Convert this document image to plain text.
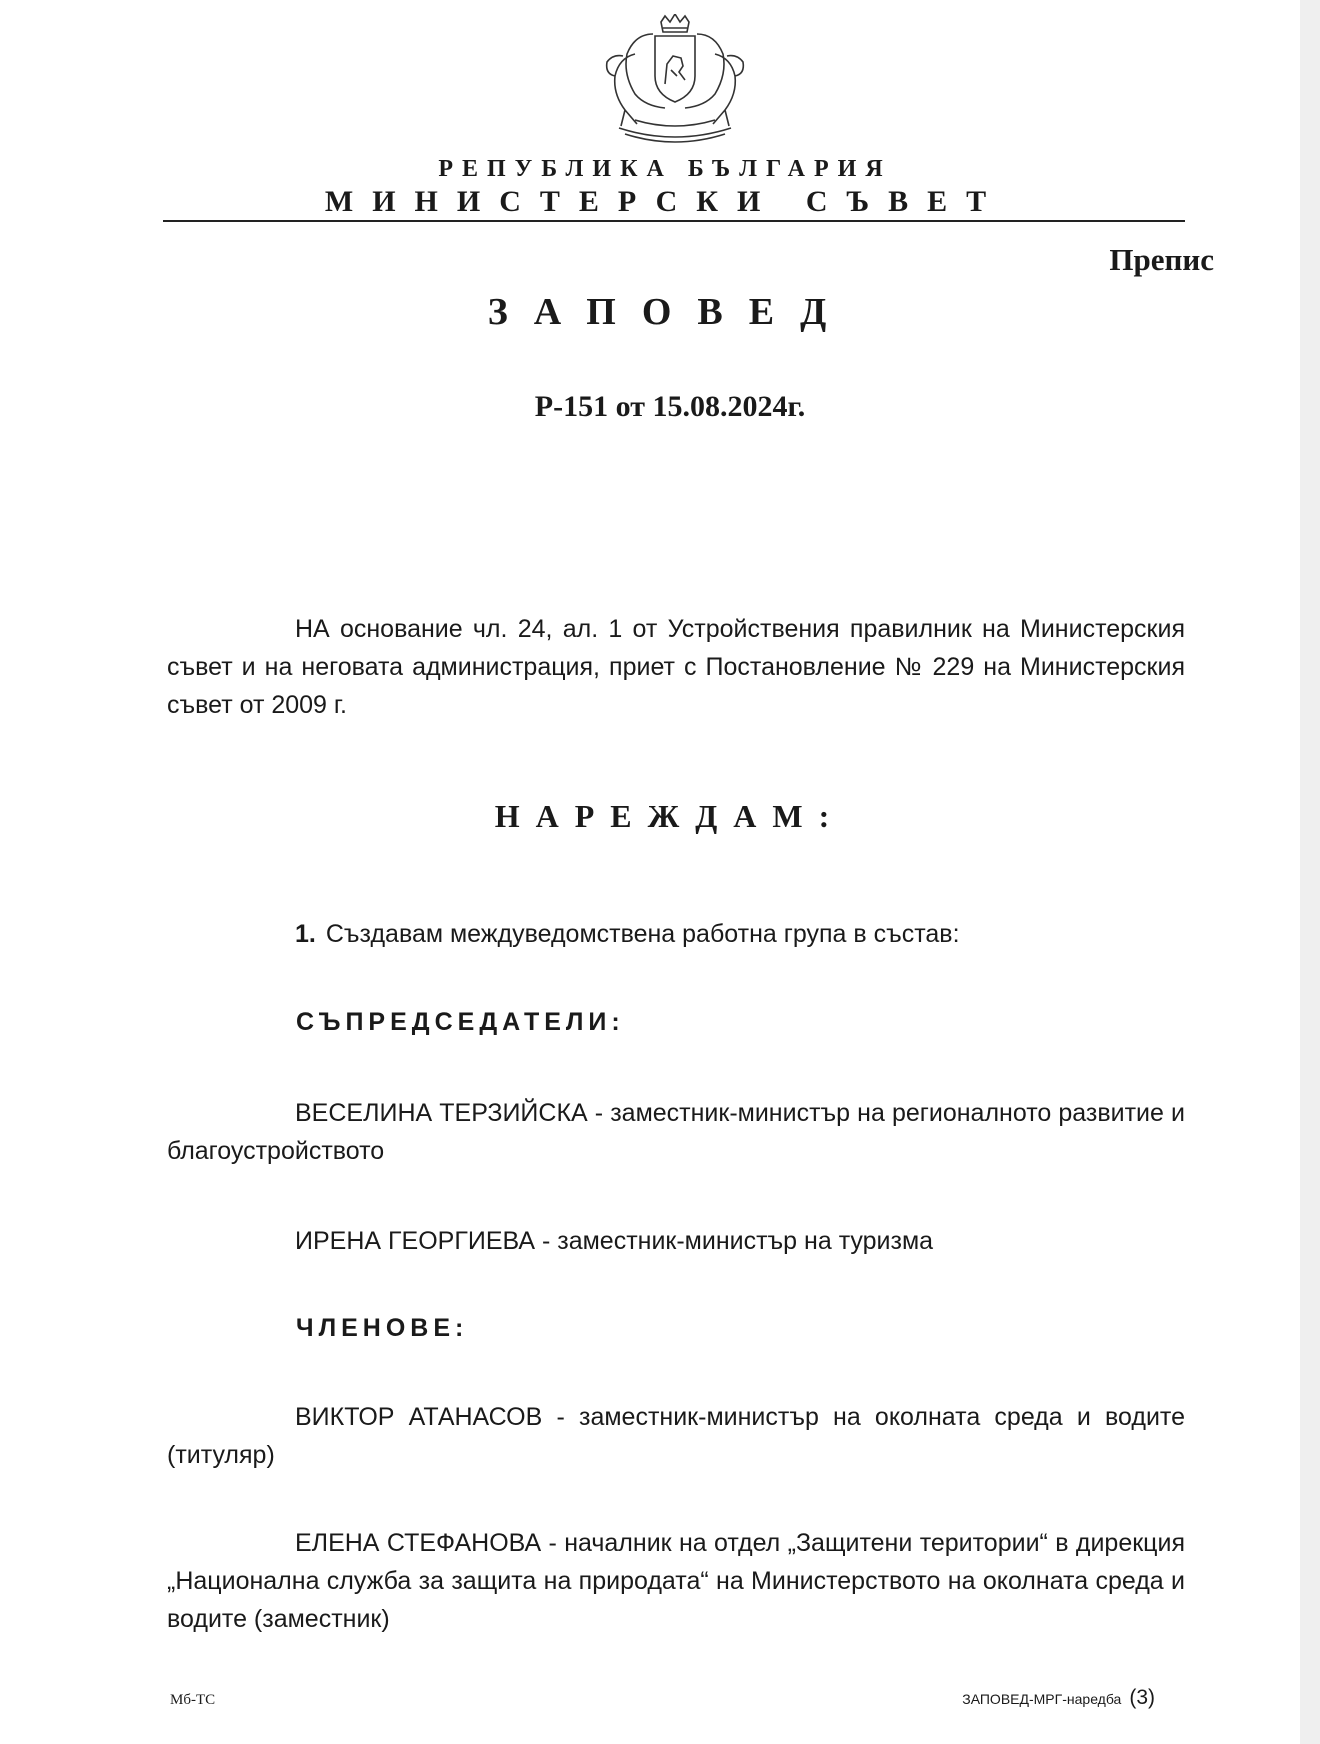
РЕПУБЛИКА БЪЛГАРИЯ
МИНИСТЕРСКИ СЪВЕТ
Препис
ЗАПОВЕД
Р-151 от 15.08.2024г.
НА основание чл. 24, ал. 1 от Устройствения правилник на Министерския съвет и на неговата администрация, приет с Постановление № 229 на Министерския съвет от 2009 г.
НАРЕЖДАМ:
1. Създавам междуведомствена работна група в състав:
СЪПРЕДСЕДАТЕЛИ:
ВЕСЕЛИНА ТЕРЗИЙСКА - заместник-министър на регионалното развитие и благоустройството
ИРЕНА ГЕОРГИЕВА - заместник-министър на туризма
ЧЛЕНОВЕ:
ВИКТОР АТАНАСОВ - заместник-министър на околната среда и водите (титуляр)
ЕЛЕНА СТЕФАНОВА - началник на отдел „Защитени територии“ в дирекция „Национална служба за защита на природата“ на Министерството на околната среда и водите (заместник)
Мб-ТС	ЗАПОВЕД-МРГ-наредба (3)
